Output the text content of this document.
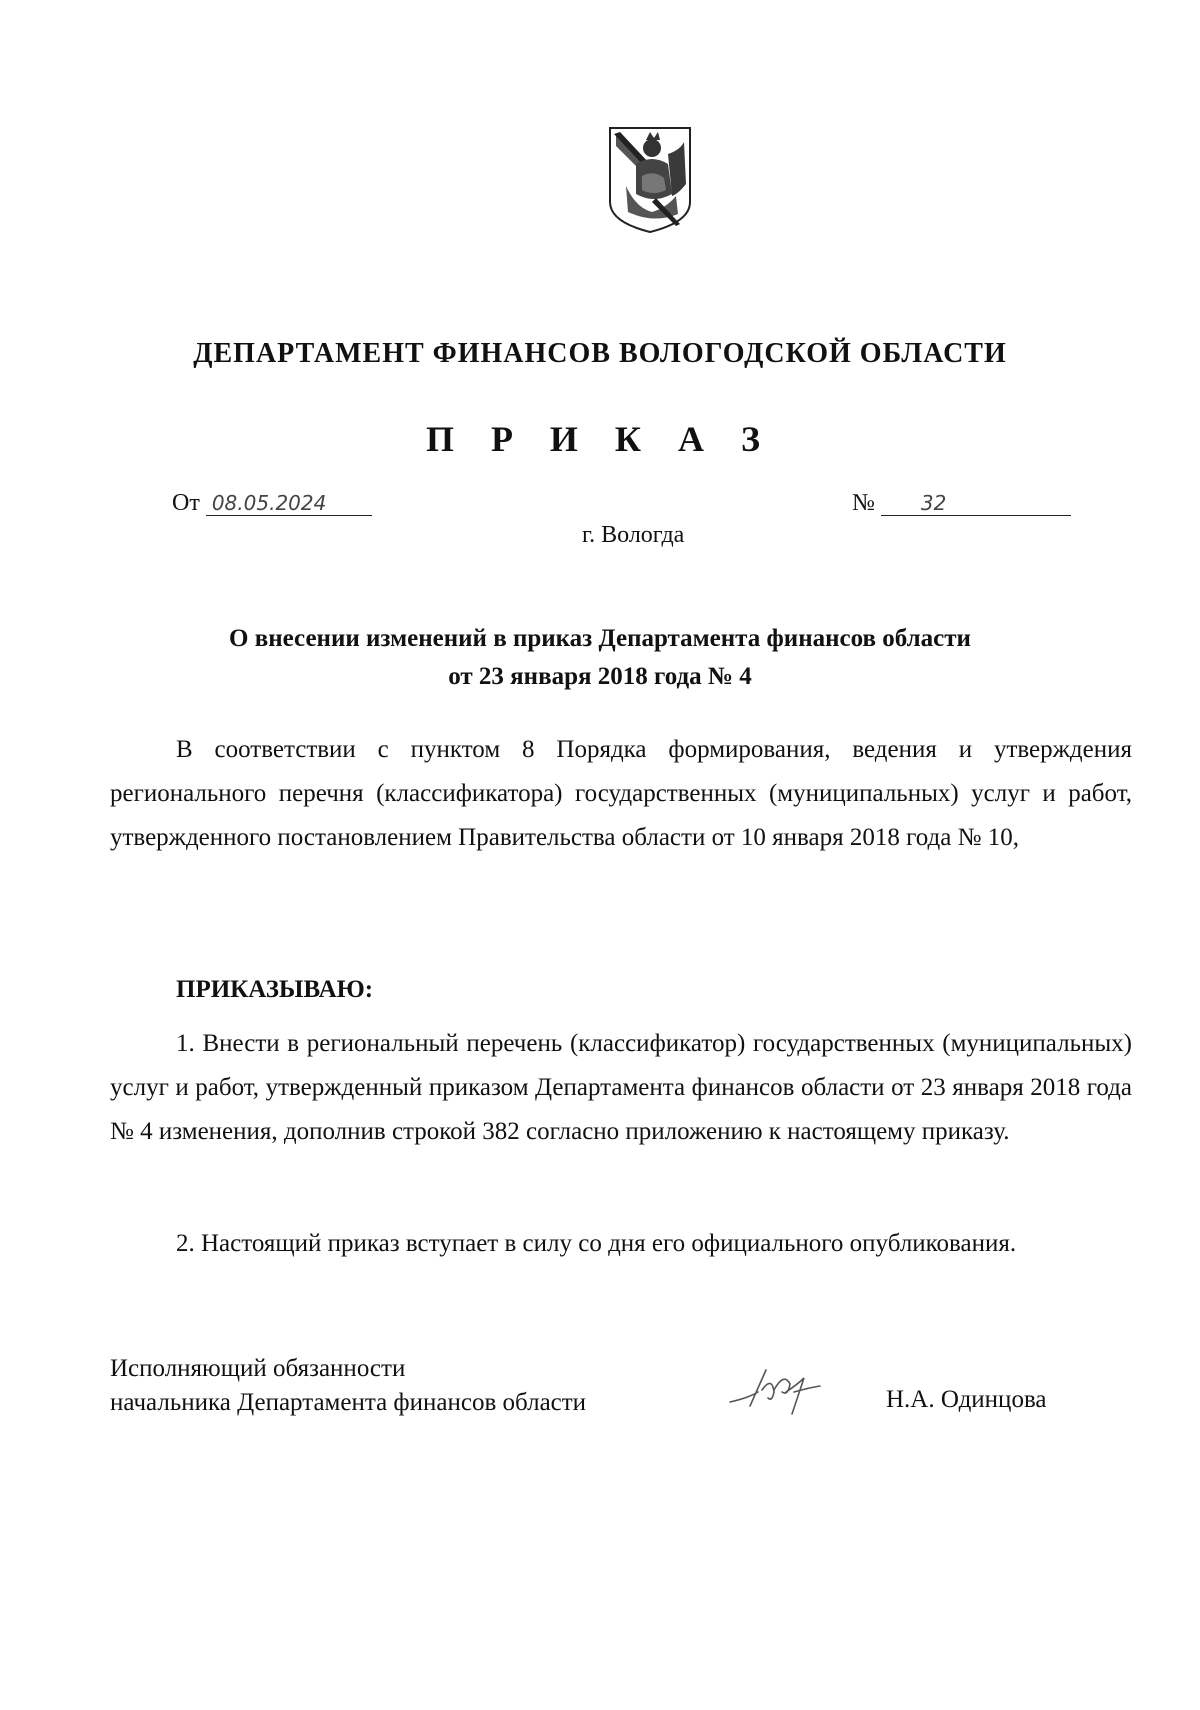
ДЕПАРТАМЕНТ ФИНАНСОВ ВОЛОГОДСКОЙ ОБЛАСТИ
П Р И К А З
От 08.05.2024	№ 32
г. Вологда
О внесении изменений в приказ Департамента финансов области
от 23 января 2018 года № 4
В соответствии с пунктом 8 Порядка формирования, ведения и утверждения регионального перечня (классификатора) государственных (муниципальных) услуг и работ, утвержденного постановлением Правительства области от 10 января 2018 года № 10,
ПРИКАЗЫВАЮ:
1. Внести в региональный перечень (классификатор) государственных (муниципальных) услуг и работ, утвержденный приказом Департамента финансов области от 23 января 2018 года № 4 изменения, дополнив строкой 382 согласно приложению к настоящему приказу.
2. Настоящий приказ вступает в силу со дня его официального опубликования.
Исполняющий обязанности
начальника Департамента финансов области	Н.А. Одинцова
